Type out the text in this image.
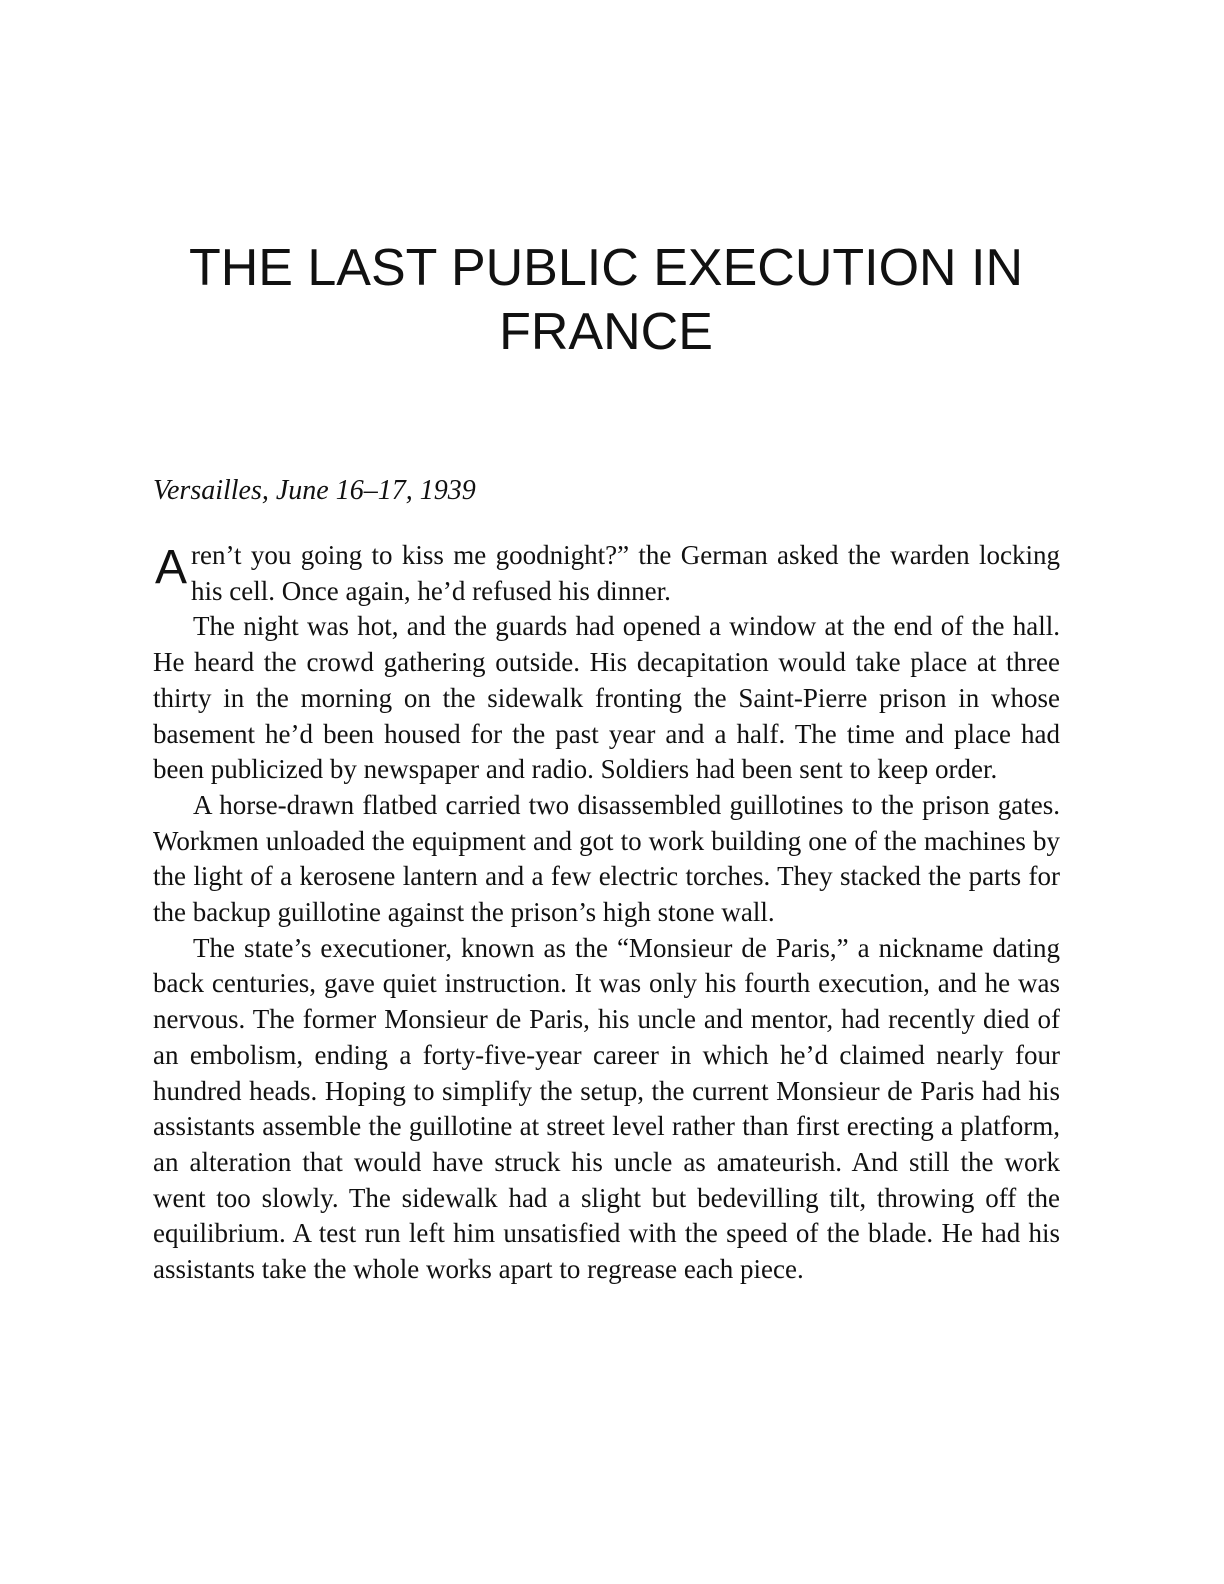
THE LAST PUBLIC EXECUTION IN FRANCE

Versailles, June 16–17, 1939

Aren’t you going to kiss me goodnight?” the German asked the warden locking his cell. Once again, he’d refused his dinner.

The night was hot, and the guards had opened a window at the end of the hall. He heard the crowd gathering outside. His decapitation would take place at three thirty in the morning on the sidewalk fronting the Saint-Pierre prison in whose basement he’d been housed for the past year and a half. The time and place had been publicized by newspaper and radio. Soldiers had been sent to keep order.

A horse-drawn flatbed carried two disassembled guillotines to the prison gates. Workmen unloaded the equipment and got to work building one of the machines by the light of a kerosene lantern and a few electric torches. They stacked the parts for the backup guillotine against the prison’s high stone wall.

The state’s executioner, known as the “Monsieur de Paris,” a nickname dating back centuries, gave quiet instruction. It was only his fourth execution, and he was nervous. The former Monsieur de Paris, his uncle and mentor, had recently died of an embolism, ending a forty-five-year career in which he’d claimed nearly four hundred heads. Hoping to simplify the setup, the current Monsieur de Paris had his assistants assemble the guillotine at street level rather than first erecting a platform, an alteration that would have struck his uncle as amateurish. And still the work went too slowly. The sidewalk had a slight but bedevilling tilt, throwing off the equilibrium. A test run left him unsatisfied with the speed of the blade. He had his assistants take the whole works apart to regrease each piece.
